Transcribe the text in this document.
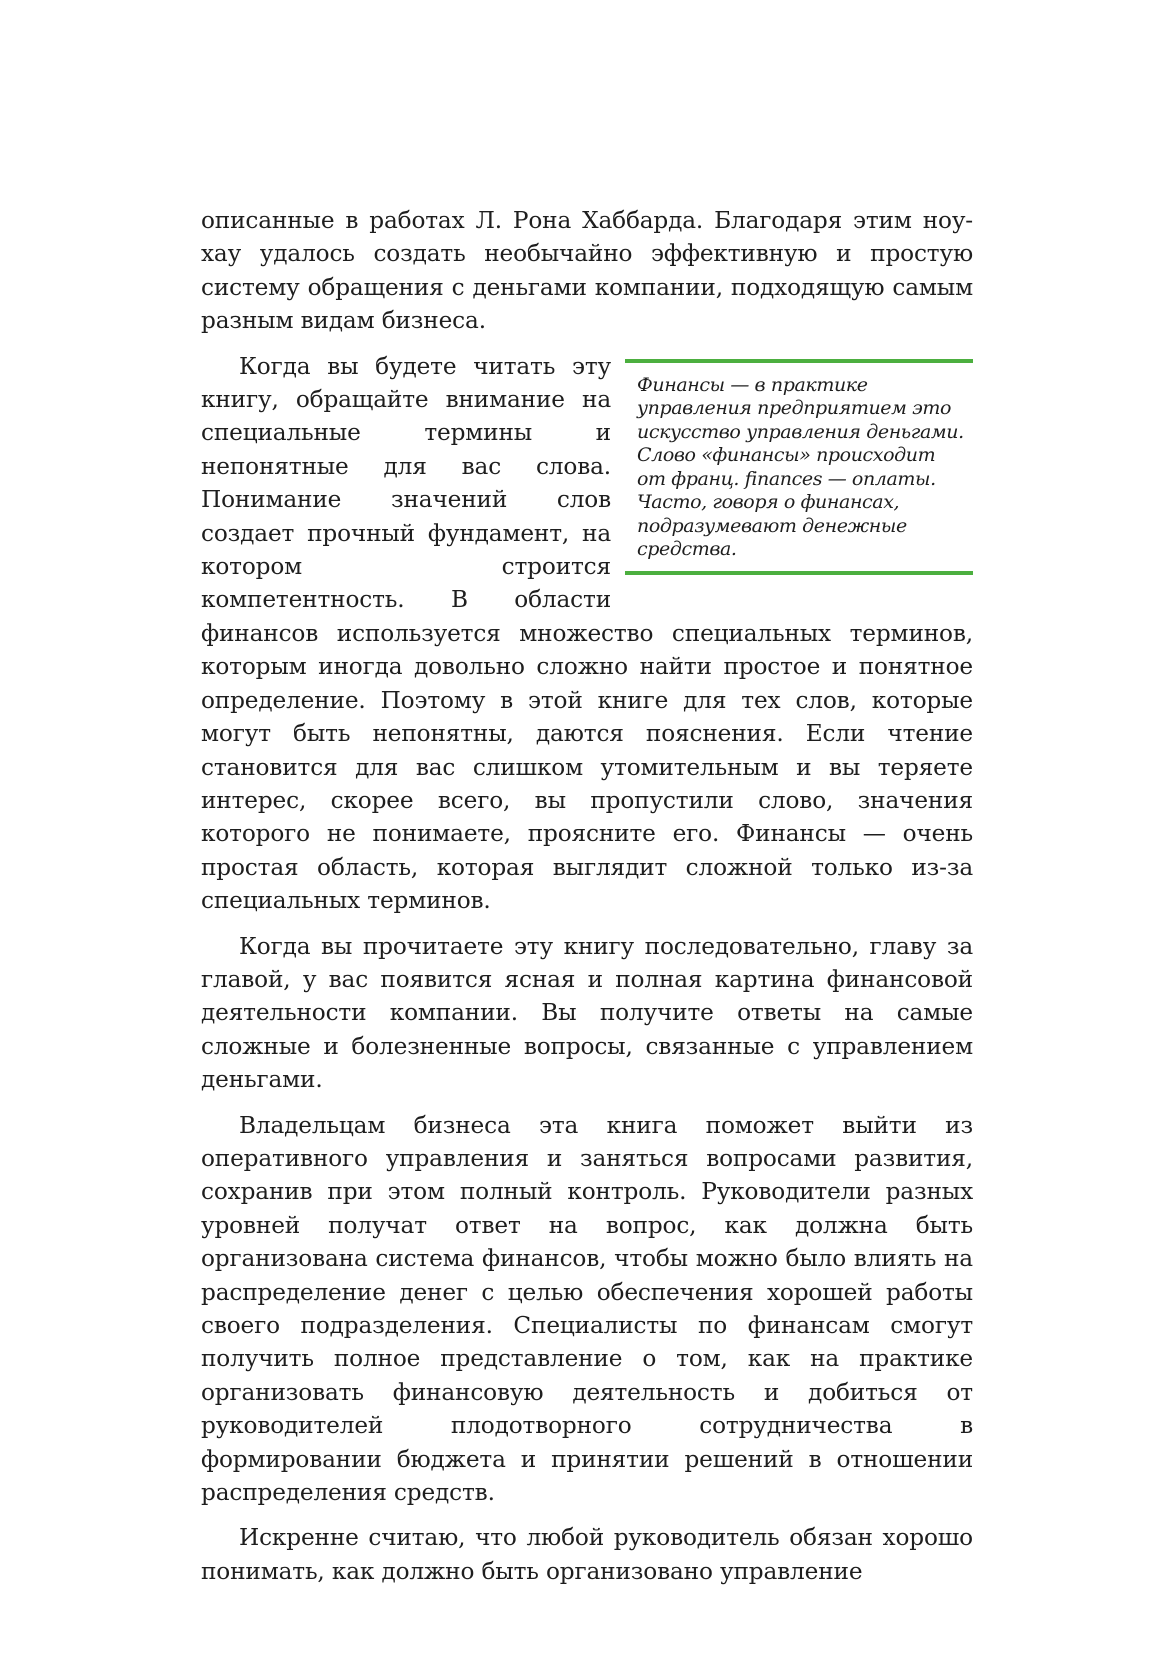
описанные в работах Л. Рона Хаббарда. Благодаря этим ноу-хау удалось создать необычайно эффективную и простую систему обращения с деньгами компании, подходящую самым разным видам бизнеса.

Финансы — в практике управления предприятием это искусство управления деньгами. Слово «финансы» происходит от франц. finances — оплаты. Часто, говоря о финансах, подразумевают денежные средства.
Когда вы будете читать эту книгу, обращайте внимание на специальные термины и непонятные для вас слова. Понимание значений слов создает прочный фундамент, на котором строится компетентность. В области финансов используется множество специальных терминов, которым иногда довольно сложно найти простое и понятное определение. Поэтому в этой книге для тех слов, которые могут быть непонятны, даются пояснения. Если чтение становится для вас слишком утомительным и вы теряете интерес, скорее всего, вы пропустили слово, значения которого не понимаете, проясните его. Финансы — очень простая область, которая выглядит сложной только из-за специальных терминов.

Когда вы прочитаете эту книгу последовательно, главу за главой, у вас появится ясная и полная картина финансовой деятельности компании. Вы получите ответы на самые сложные и болезненные вопросы, связанные с управлением деньгами.

Владельцам бизнеса эта книга поможет выйти из оперативного управления и заняться вопросами развития, сохранив при этом полный контроль. Руководители разных уровней получат ответ на вопрос, как должна быть организована система финансов, чтобы можно было влиять на распределение денег с целью обеспечения хорошей работы своего подразделения. Специалисты по финансам смогут получить полное представление о том, как на практике организовать финансовую деятельность и добиться от руководителей плодотворного сотрудничества в формировании бюджета и принятии решений в отношении распределения средств.

Искренне считаю, что любой руководитель обязан хорошо понимать, как должно быть организовано управление
